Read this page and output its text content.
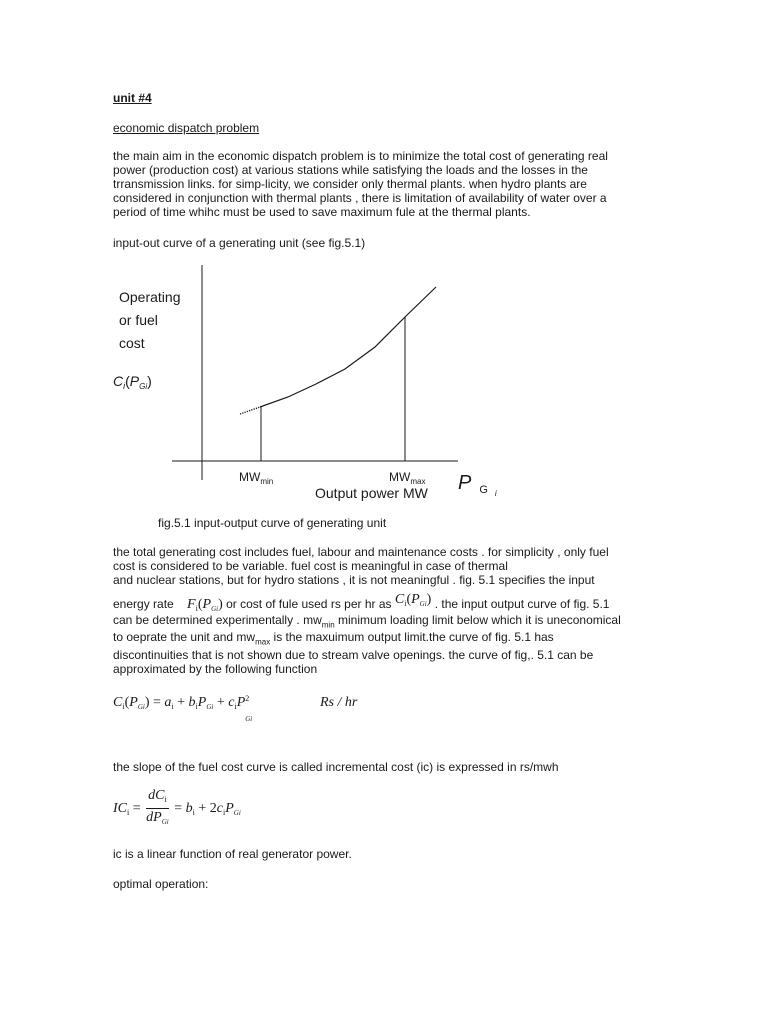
unit #4
economic dispatch problem
the main aim in the economic dispatch problem is to minimize the total cost of generating real
power (production cost) at various stations while satisfying the loads and the losses in the
trransmission links. for simp-licity, we consider only thermal plants. when hydro plants are
considered in conjunction with thermal plants , there is limitation of availability of water over a
period of time whihc must be used to save maximum fule at the thermal plants.
input-out curve of a generating unit (see fig.5.1)
Operating
or fuel
cost
$C_i(P_{Gi})$
$MW_{min}$	$MW_{max}$
Output power MW P $_G$ i
fig.5.1 input-output curve of generating unit
the total generating cost includes fuel, labour and maintenance costs . for simplicity , only fuel
cost is considered to be variable. fuel cost is meaningful in case of thermal
and nuclear stations, but for hydro stations , it is not meaningful . fig. 5.1 specifies the input
energy rate $F_i(P_{Gi})$ or cost of fule used rs per hr as $C_i(P_{Gi})$ . the input output curve of fig. 5.1
can be determined experimentally . $mw_{min}$ minimum loading limit below which it is uneconomical
to oeprate the unit and $mw_{max}$ is the maxuimum output limit.the curve of fig. 5.1 has
discontinuities that is not shown due to stream valve openings. the curve of fig,. 5.1 can be
approximated by the following function
$C_i(P_{Gi}) = a_i + b_iP_{Gi} + c_iP$ 2
Gi
Rs / hr
the slope of the fuel cost curve is called incremental cost (ic) is expressed in rs/mwh
$IC_i = \frac{dC_i}{dP_{Gi}} = b_i + 2c_iP_{Gi}$
ic is a linear function of real generator power.
optimal operation:
